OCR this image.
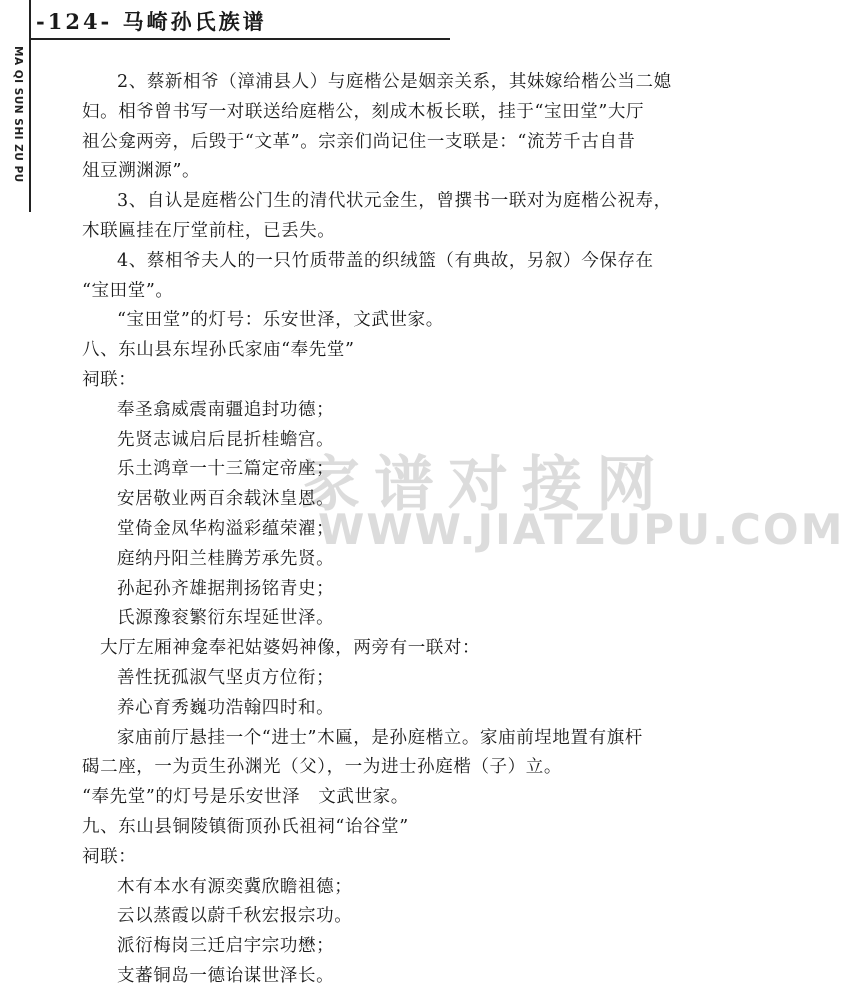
-124- 马崎孙氏族谱
MA QI SUN SHI ZU PU
家谱对接网
WWW.JIATZUPU.COM
2、蔡新相爷（漳浦县人）与庭楷公是姻亲关系，其妹嫁给楷公当二媳
妇。相爷曾书写一对联送给庭楷公，刻成木板长联，挂于“宝田堂”大厅
祖公龛两旁，后毁于“文革”。宗亲们尚记住一支联是：“流芳千古自昔
俎豆溯渊源”。
3、自认是庭楷公门生的清代状元金生，曾撰书一联对为庭楷公祝寿，
木联匾挂在厅堂前柱，已丢失。
4、蔡相爷夫人的一只竹质带盖的织绒篮（有典故，另叙）今保存在
“宝田堂”。
“宝田堂”的灯号：乐安世泽，文武世家。
八、东山县东埕孙氏家庙“奉先堂”
祠联：
奉圣翕威震南疆追封功德；
先贤志诚启后昆折桂蟾宫。
乐土鸿章一十三篇定帝座；
安居敬业两百余载沐皇恩。
堂倚金凤华构溢彩蕴荣濯；
庭纳丹阳兰桂腾芳承先贤。
孙起孙齐雄据荆扬铭青史；
氏源豫衮繁衍东埕延世泽。
大厅左厢神龛奉祀姑婆妈神像，两旁有一联对：
善性抚孤淑气坚贞方位衔；
养心育秀巍功浩翰四时和。
家庙前厅悬挂一个“进士”木匾，是孙庭楷立。家庙前埕地置有旗杆
碣二座，一为贡生孙渊光（父），一为进士孙庭楷（子）立。
“奉先堂”的灯号是乐安世泽　文武世家。
九、东山县铜陵镇衙顶孙氏祖祠“诒谷堂”
祠联：
木有本水有源奕冀欣瞻祖德；
云以蒸霞以蔚千秋宏报宗功。
派衍梅岗三迁启宇宗功懋；
支蕃铜岛一德诒谋世泽长。
